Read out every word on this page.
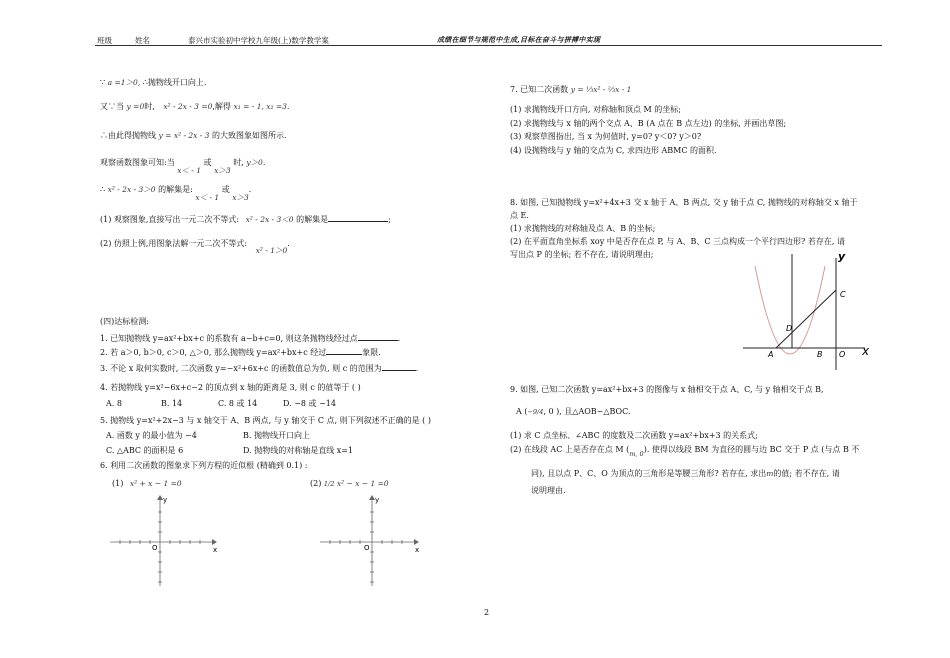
班级	姓名	泰兴市实验初中学校九年级(上)数学教学案	成绩在细节与规范中生成,目标在奋斗与拼搏中实现
∵ a =1＞0, ∴抛物线开口向上.
又∵当 y =0时, x² - 2x - 3 =0,解得 x₁ = - 1, x₂ =3.
∴由此得抛物线 y = x² - 2x - 3 的大致图象如图所示.
观察函数图象可知:当 x＜ - 1 或 x＞3 时, y＞0.
∴ x² - 2x - 3＞0 的解集是: x＜ - 1 或 x＞3.
(1) 观察图象,直接写出一元二次不等式: x² - 2x - 3＜0 的解集是	;
(2) 仿照上例,用图象法解一元二次不等式: x² - 1＞0.
(四)达标检测:
1. 已知抛物线 y=ax²+bx+c 的系数有 a−b+c=0, 则这条抛物线经过点	.
2. 若 a＞0, b＞0, c＞0, △＞0, 那么抛物线 y=ax²+bx+c 经过	象限.
3. 不论 x 取何实数时, 二次函数 y=−x²+6x+c 的函数值总为负, 则 c 的范围为	.
4. 若抛物线 y=x²−6x+c−2 的顶点到 x 轴的距离是 3, 则 c 的值等于 ( )
A. 8	B. 14	C. 8 或 14	D. −8 或 −14
5. 抛物线 y=x²+2x−3 与 x 轴交于 A、B 两点, 与 y 轴交于 C 点, 则下列叙述不正确的是 ( )
A. 函数 y 的最小值为 −4	B. 抛物线开口向上
C. △ABC 的面积是 6	D. 抛物线的对称轴是直线 x=1
6. 利用二次函数的图象求下列方程的近似根 (精确到 0.1) :
(1) x² + x − 1 =0	(2) 1/2 x² − x − 1 =0
x
y
O	x
y
O
7. 已知二次函数 y = ⅓x² - ⅔x - 1
(1) 求抛物线开口方向, 对称轴和顶点 M 的坐标;
(2) 求抛物线与 x 轴的两个交点 A、B (A 点在 B 点左边) 的坐标, 并画出草图;
(3) 观察草图指出, 当 x 为何值时, y=0? y＜0? y＞0?
(4) 设抛物线与 y 轴的交点为 C, 求四边形 ABMC 的面积.
8. 如图, 已知抛物线 y=x²+4x+3 交 x 轴于 A、B 两点, 交 y 轴于点 C, 抛物线的对称轴交 x 轴于
点 E.
(1) 求抛物线的对称轴及点 A、B 的坐标;
(2) 在平面直角坐标系 xoy 中是否存在点 P, 与 A、B、C 三点构成一个平行四边形? 若存在, 请
写出点 P 的坐标; 若不存在, 请说明理由;	y
x
A	B O
C
D
9. 如图, 已知二次函数 y=ax²+bx+3 的图像与 x 轴相交于点 A、C, 与 y 轴相交于点 B,
A (−9/4, 0 ), 且△AOB∽△BOC.
(1) 求 C 点坐标、∠ABC 的度数及二次函数 y=ax²+bx+3 的关系式;
(2) 在线段 AC 上是否存在点 M $(_{m, 0})$. 使得以线段 BM 为直径的圆与边 BC 交于 P 点 (与点 B 不
同), 且以点 P、C、O 为顶点的三角形是等腰三角形? 若存在, 求出m的值; 若不存在, 请
说明理由.
2
